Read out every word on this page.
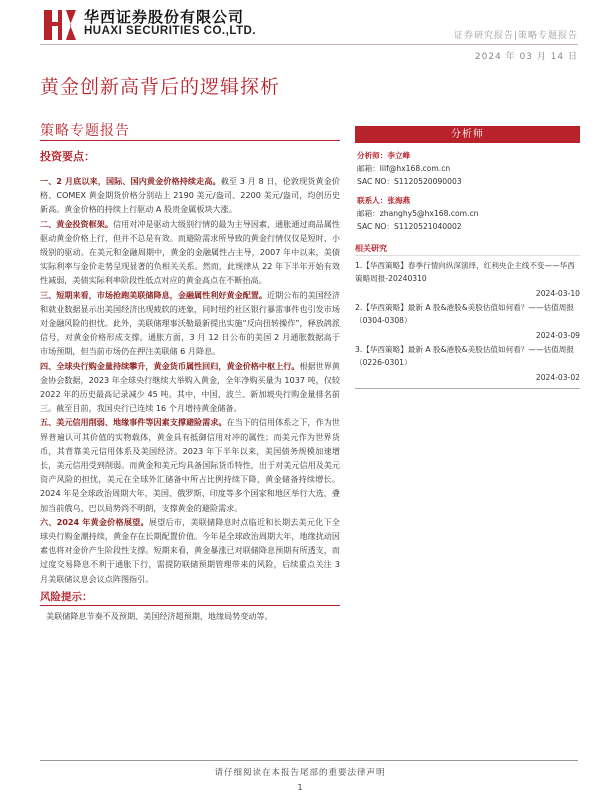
华西证券股份有限公司
HUAXI SECURITIES CO.,LTD.	证券研究报告|策略专题报告
2024 年 03 月 14 日
黄金创新高背后的逻辑探析
策略专题报告
投资要点：

一、2 月底以来，国际、国内黄金价格持续走高。截至 3 月 8 日，伦敦现货黄金价格、COMEX 黄金期货价格分别站上 2190 美元/盎司、2200 美元/盎司，均创历史新高。黄金价格的持续上行驱动 A 股贵金属板块大涨。

二、黄金投资框架。信用对冲是驱动大级别行情的最为主导因素，通胀通过商品属性驱动黄金价格上行，但并不总是有效。而避险需求所导致的黄金行情仅仅是短时、小级别的驱动。在美元和金融周期中，黄金的金融属性占主导，2007 年中以来，美债实际利率与金价走势呈现显著的负相关关系。然而，此规律从 22 年下半年开始有效性减弱，美债实际利率阶段性低点对应的黄金高点在不断抬高。

三、短期来看，市场抢跑美联储降息，金融属性利好黄金配置。近期公布的美国经济和就业数据显示出美国经济出现疲软的迹象，同时纽约社区银行暴雷事件也引发市场对金融风险的担忧。此外，美联储理事沃勒最新提出实施“反向扭转操作”，释放鸽派信号，对黄金价格形成支撑。通胀方面，3 月 12 日公布的美国 2 月通胀数据高于市场预期，但当前市场仍在押注美联储 6 月降息。

四、全球央行购金量持续攀升，黄金货币属性回归，黄金价格中枢上行。根据世界黄金协会数据，2023 年全球央行继续大举购入黄金，全年净购买量为 1037 吨，仅较 2022 年的历史最高记录减少 45 吨。其中，中国、波兰、新加坡央行购金量排名前三。截至目前，我国央行已连续 16 个月增持黄金储备。

五、美元信用削弱、地缘事件等因素支撑避险需求。在当下的信用体系之下，作为世界普遍认可其价值的实物载体，黄金具有抵御信用对冲的属性；而美元作为世界货币，其背靠美元信用体系及美国经济。2023 年下半年以来，美国债务规模加速增长，美元信用受到削弱。而黄金和美元均具备国际货币特性，出于对美元信用及美元资产风险的担忧，美元在全球外汇储备中所占比例持续下降，黄金储备持续增长。2024 年是全球政治周期大年，美国、俄罗斯、印度等多个国家和地区举行大选，叠加当前俄乌、巴以局势尚不明朗，支撑黄金的避险需求。

六、2024 年黄金价格展望。展望后市，美联储降息时点临近和长期去美元化下全球央行购金潮持续，黄金存在长期配置价值。今年是全球政治周期大年，地缘扰动因素也将对金价产生阶段性支撑。短期来看，黄金暴涨已对联储降息预期有所透支，而过度交易降息不利于通胀下行，需提防联储预期管理带来的风险，后续重点关注 3 月美联储议息会议点阵图指引。

风险提示：
美联储降息节奏不及预期、美国经济超预期、地缘局势变动等。
分析师
分析师：李立峰
邮箱：lilf@hx168.com.cn
SAC NO：S1120520090003
联系人：张海燕
邮箱：zhanghy5@hx168.com.cn
SAC NO：S1120521040002
相关研究
1.【华西策略】春季行情向纵深演绎，红利央企主线不变——华西策略周报-20240310
2024-03-10
2.【华西策略】最新 A 股&港股&美股估值如何看？——估值周报（0304-0308）
2024-03-09
3.【华西策略】最新 A 股&港股&美股估值如何看？——估值周报（0226-0301）
2024-03-02
请仔细阅读在本报告尾部的重要法律声明
1
